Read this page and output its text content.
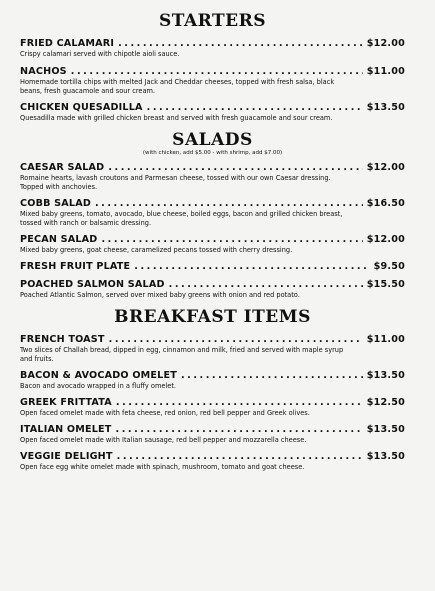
STARTERS
FRIED CALAMARI . . .	$12.00

Crispy calamari served with chipotle aioli sauce.

NACHOS . . .	$11.00

Homemade tortilla chips with melted Jack and Cheddar cheeses, topped with fresh salsa, black beans, fresh guacamole and sour cream.

CHICKEN QUESADILLA . . .	$13.50

Quesadilla made with grilled chicken breast and served with fresh guacamole and sour cream.

SALADS

(with chicken, add $5.00 - with shrimp, add $7.00)

CAESAR SALAD . . .	$12.00

Romaine hearts, lavash croutons and Parmesan cheese, tossed with our own Caesar dressing. Topped with anchovies.

COBB SALAD . . .	$16.50

Mixed baby greens, tomato, avocado, blue cheese, boiled eggs, bacon and grilled chicken breast, tossed with ranch or balsamic dressing.

PECAN SALAD . . .	$12.00

Mixed baby greens, goat cheese, caramelized pecans tossed with cherry dressing.

FRESH FRUIT PLATE . . .	$9.50
POACHED SALMON SALAD . . .	$15.50

Poached Atlantic Salmon, served over mixed baby greens with onion and red potato.

BREAKFAST ITEMS
FRENCH TOAST . . .	$11.00

Two slices of Challah bread, dipped in egg, cinnamon and milk, fried and served with maple syrup and fruits.

BACON & AVOCADO OMELET . . .	$13.50

Bacon and avocado wrapped in a fluffy omelet.

GREEK FRITTATA . . .	$12.50

Open faced omelet made with feta cheese, red onion, red bell pepper and Greek olives.

ITALIAN OMELET . . .	$13.50

Open faced omelet made with Italian sausage, red bell pepper and mozzarella cheese.

VEGGIE DELIGHT . . .	$13.50

Open face egg white omelet made with spinach, mushroom, tomato and goat cheese.
